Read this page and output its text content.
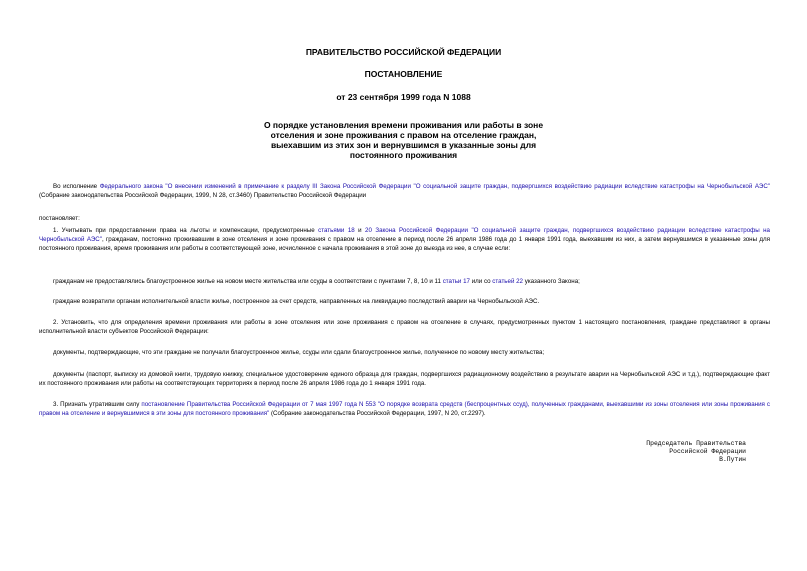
ПРАВИТЕЛЬСТВО РОССИЙСКОЙ ФЕДЕРАЦИИ
ПОСТАНОВЛЕНИЕ
от 23 сентября 1999 года N 1088
О порядке установления времени проживания или работы в зоне
отселения и зоне проживания с правом на отселение граждан,
выехавшим из этих зон и вернувшимся в указанные зоны для
постоянного проживания

Во исполнение Федерального закона "О внесении изменений в примечание к разделу III Закона Российской Федерации "О социальной защите граждан, подвергшихся воздействию радиации вследствие катастрофы на Чернобыльской АЭС" (Собрание законодательства Российской Федерации, 1999, N 28, ст.3460) Правительство Российской Федерации

постановляет:

1. Учитывать при предоставлении права на льготы и компенсации, предусмотренные статьями 18 и 20 Закона Российской Федерации "О социальной защите граждан, подвергшихся воздействию радиации вследствие катастрофы на Чернобыльской АЭС", гражданам, постоянно проживавшим в зоне отселения и зоне проживания с правом на отселение в период после 26 апреля 1986 года до 1 января 1991 года, выехавшим из них, а затем вернувшимся в указанные зоны для постоянного проживания, время проживания или работы в соответствующей зоне, исчисленное с начала проживания в этой зоне до выезда из нее, в случае если:

гражданам не предоставлялись благоустроенное жилье на новом месте жительства или ссуды в соответствии с пунктами 7, 8, 10 и 11 статьи 17 или со статьей 22 указанного Закона;

граждане возвратили органам исполнительной власти жилье, построенное за счет средств, направленных на ликвидацию последствий аварии на Чернобыльской АЭС.

2. Установить, что для определения времени проживания или работы в зоне отселения или зоне проживания с правом на отселение в случаях, предусмотренных пунктом 1 настоящего постановления, граждане представляют в органы исполнительной власти субъектов Российской Федерации:

документы, подтверждающие, что эти граждане не получали благоустроенное жилье, ссуды или сдали благоустроенное жилье, полученное по новому месту жительства;

документы (паспорт, выписку из домовой книги, трудовую книжку, специальное удостоверение единого образца для граждан, подвергшихся радиационному воздействию в результате аварии на Чернобыльской АЭС и т.д.), подтверждающие факт их постоянного проживания или работы на соответствующих территориях в период после 26 апреля 1986 года до 1 января 1991 года.

3. Признать утратившим силу постановление Правительства Российской Федерации от 7 мая 1997 года N 553 "О порядке возврата средств (беспроцентных ссуд), полученных гражданами, выехавшими из зоны отселения или зоны проживания с правом на отселение и вернувшимися в эти зоны для постоянного проживания" (Собрание законодательства Российской Федерации, 1997, N 20, ст.2297).

Председатель Правительства
Российской Федерации
В.Путин
